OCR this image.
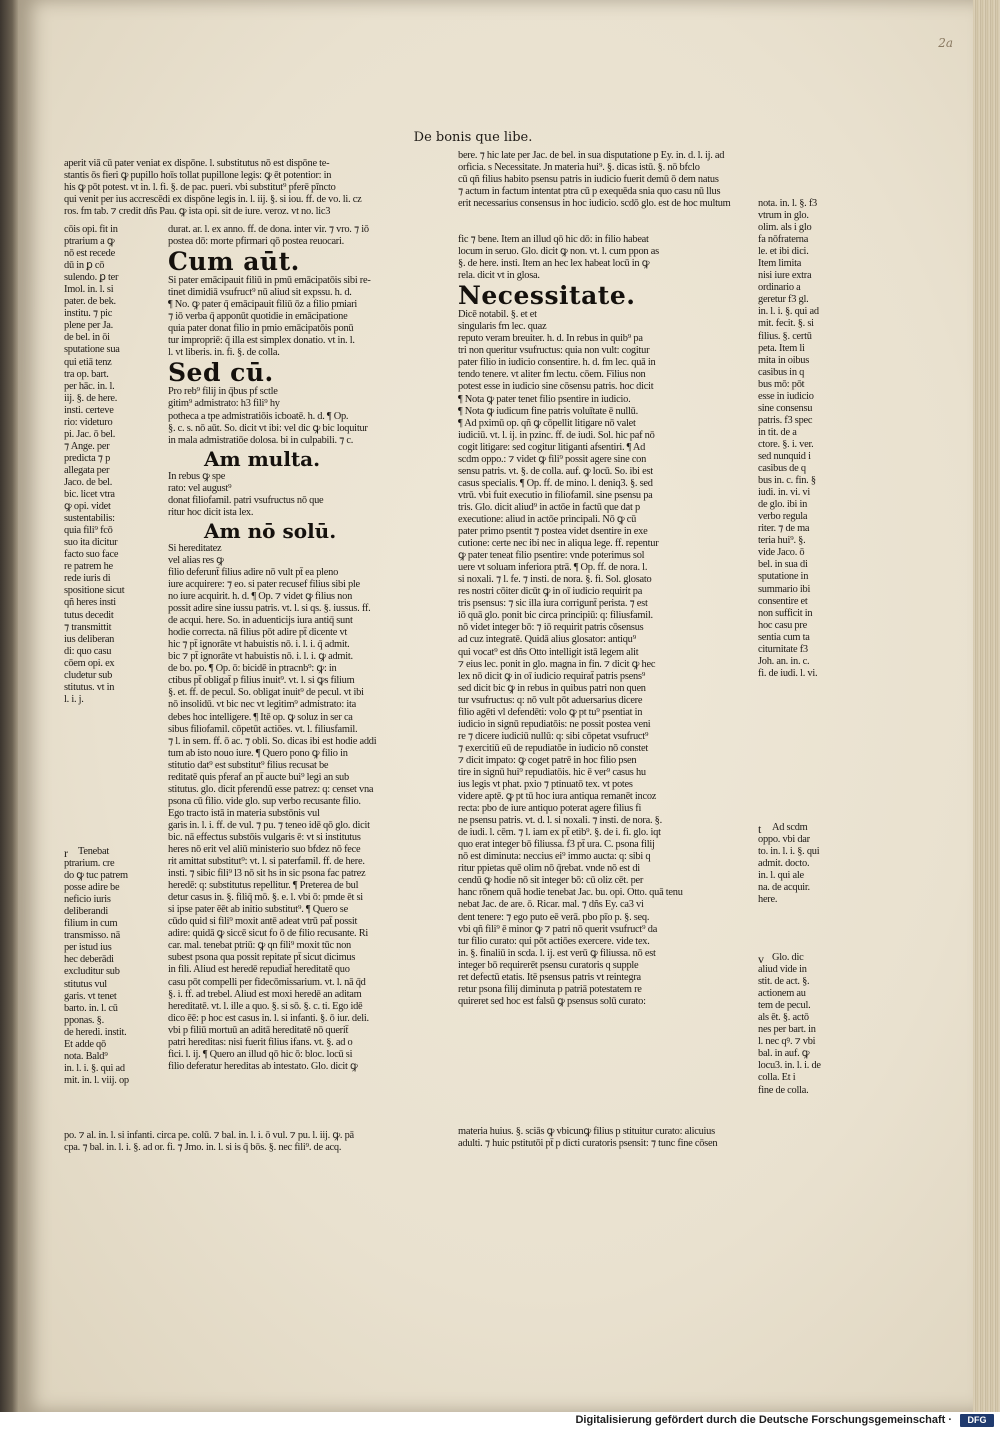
2a
De bonis que libe.

aperit viā cū pater veniat ex dispōne. l. substitutus nō est dispōne te-
stantis ōs fieri ꝙ pupillo hoīs tollat pupillone legis: ꝙ ēt potentior: in
his ꝙ pōt potest. vt in. l. fi. §. de pac. pueri. vbi substitut⁹ pferē pīncto
qui venit per ius accrescēdi ex dispōne legis in. l. iij. §. si iou. ff. de vo. li. cz
ros. fm tab. ⁊ credit dñs Pau. ꝙ ista opi. sit de iure. veroz. vt no. lic3

cōis opi. fit in
ptrarium a ꝙ
nō est recede
dū in ꝑ cō
sulendo. ꝑ ter
Imol. in. l. si
pater. de bek.
institu. ⁊ pic
plene per Ja.
de bel. in ōi
sputatione sua
qui etiā tenz
tra op. bart.
per hāc. in. l.
iij. §. de here.
insti. certeve
rio: videturo
pi. Jac. ō bel.
⁊ Ange. per
predicta ⁊ p
allegata per
Jaco. de bel.
bic. licet vtra
ꝙ opi. videt
sustentabilis:
quia fili⁹ fcō
suo ita dicitur
facto suo face
re patrem he
rede iuris di
spositione sicut
qñ heres insti
tutus decedit
⁊ transmittit
ius deliberan
di: quo casu
cōem opi. ex
cludetur sub
stitutus. vt in
l. i. j.

r Tenebat
ptrarium. cre
do ꝙ tuc patrem
posse adire be
neficio iuris
deliberandi
filium in cum
transmisso. nā
per istud ius
hec deberādi
excluditur sub
stitutus vul
garis. vt tenet
barto. in. l. cū
pponas. §.
de heredi. instit.
Et adde qō
nota. Bald⁹
in. l. i. §. qui ad
mit. in. l. viij. op

po. ⁊ al. in. l. si infanti. circa pe. colū. ⁊ bal. in. l. i. ō vul. ⁊ pu. l. iij. ꝙ. pā
cpa. ⁊ bal. in. l. i. §. ad or. fi. ⁊ Jmo. in. l. si is q̄ bōs. §. nec fili⁹. de acq.

durat. ar. l. ex anno. ff. de dona. inter vir. ⁊ vro. ⁊ iō
postea dō: morte pfirmari qō postea reuocari.

Cum aūt.

Si pater emācipauit filiū in pmū emācipatōis sibi re-
tinet dimidiā vsufruct⁹ nū aliud sit expssu. h. d.
¶ No. ꝙ pater q̄ emācipauit filiū ōz a filio pmiari
⁊ iō verba q̄ apponūt quotidie in emācipatione
quia pater donat filio in pmio emācipatōis ponū
tur impropriē: q̄ illa est simplex donatio. vt in. l.
l. vt liberis. in. fi. §. de colla.

Sed cū.

Pro reb⁹ filij in q̄bus pf sctle
gitim⁹ admistrato: h3 fili⁹ hy
potheca a tpe admistratiōis icboatē. h. d. ¶ Op.
§. c. s. nō aūt. So. dicit vt ibi: vel dic ꝙ bic loquitur
in mala admistratiōe dolosa. bi in culpabili. ⁊ c.

Am multa.

In rebus ꝙ spe
rato: vel august⁹
donat filiofamil. patri vsufructus nō que
ritur hoc dicit ista lex.

Am nō solū.

Si hereditatez
vel alias res ꝙ
filio deferunt̄ filius adire nō vult pt̄ ea pleno
iure acquirere: ⁊ eo. si pater recusef filius sibi ple
no iure acquirit. h. d. ¶ Op. ⁊ videt ꝙ filius non
possit adire sine iussu patris. vt. l. si qs. §. iussus. ff.
de acqui. here. So. in aduenticijs iura antiq̄ sunt
hodie correcta. nā filius pōt adire pt̄ dicente vt
hic ⁊ pt̄ ignorāte vt habuistis nō. i. l. i. q̄ admit.
bic ⁊ pt̄ ignorāte vt habuistis nō. i. l. i. ꝙ admit.
de bo. po. ¶ Op. ō: bicidē in ptracnb⁹: ꝙ: in
ctibus pt̄ obligat̄ p filius inuit⁹. vt. l. si ꝙs filium
§. et. ff. de pecul. So. obligat inuit⁹ de pecul. vt ibi
nō insolidū. vt bic nec vt legitim⁹ admistrato: ita
debes hoc intelligere. ¶ Itē op. ꝙ soluz in ser ca
sibus filiofamil. cōpetūt actiōes. vt. l. filiusfamil.
⁊ l. in sem. ff. ō ac. ⁊ obli. So. dicas ibi est hodie addi
tum ab isto nouo iure. ¶ Quero pono ꝙ filio in
stitutio dat⁹ est substitut⁹ filius recusat be
reditatē quis pferaf an pt̄ aucte bui⁹ legi an sub
stitutus. glo. dicit pferendū esse patrez: q: censet vna
psona cū filio. vide glo. sup verbo recusante filio.
Ego tracto istā in materia substōnis vul
garis in. l. i. ff. de vul. ⁊ pu. ⁊ teneo idē qō glo. dicit
bic. nā effectus substōis vulgaris ē: vt si institutus
heres nō erit vel aliū ministerio suo bfdez nō fece
rit amittat substitut⁹: vt. l. si paterfamil. ff. de here.
insti. ⁊ sibic fili⁹ l3 nō sit hs in sic psona fac patrez
heredē: q: substitutus repellitur. ¶ Preterea de bul
detur casus in. §. filiq̄ mō. §. e. l. vbi ō: pmde ēt si
si ipse pater ēēt ab initio substitut⁹. ¶ Quero se
cūdo quid si fili⁹ moxit antē adeat vtrū pat̄ possit
adire: quidā ꝙ siccē sicut fo ō de filio recusante. Ri
car. mal. tenebat ptriū: ꝙ qn fili⁹ moxit tūc non
subest psona qua possit repitate pt̄ sicut dicimus
in fili. Aliud est heredē repudiat̄ hereditatē quo
casu pōt compelli per fidecōmissarium. vt. l. nā q̄d
§. i. ff. ad trebel. Aliud est moxi heredē an aditam
hereditatē. vt. l. ille a quo. §. si sō. §. c. ti. Ego idē
dico ēē: p hoc est casus in. l. si infanti. §. ō iur. deli.
vbi p filiū mortuū an aditā hereditatē nō querit̄
patri hereditas: nisi fuerit filius ifans. vt. §. ad o
fici. l. ij. ¶ Quero an illud qō hic ō: bloc. locū si
filio deferatur hereditas ab intestato. Glo. dicit ꝙ

bere. ⁊ hic late per Jac. de bel. in sua disputatione p Ey. in. d. l. ij. ad
orficia. s Necessitate. Jn materia hui⁹. §. dicas istū. §. nō bfclo
cū qñ filius habito psensu patris in iudicio fuerit demū ō dem natus
⁊ actum in factum intentat ptra cū p exequēda snia quo casu nū llus
erit necessarius consensus in hoc iudicio. scdō glo. est de hoc multum

fic ⁊ bene. Item an illud qō hic dō: in filio habeat
locum in seruo. Glo. dicit ꝙ non. vt. l. cum ppon as
§. de here. insti. Item an hec lex habeat locū in ꝙ
rela. dicit vt in glosa.

Necessitate.

Dicē notabil. §. et et
singularis fm lec. quaz
reputo veram breuiter. h. d. In rebus in quib⁹ pa
tri non queritur vsufructus: quia non vult: cogitur
pater filio in iudicio consentire. h. d. fm lec. quā in
tendo tenere. vt aliter fm lectu. cōem. Filius non
potest esse in iudicio sine cōsensu patris. hoc dicit
¶ Nota ꝙ pater tenet filio psentire in iudicio.
¶ Nota ꝙ iudicum fine patris voluītate ē nullū.
¶ Ad pximū op. qñ ꝙ cōpellit litigare nō valet
iudiciū. vt. l. ij. in pzinc. ff. de iudi. Sol. hic paf nō
cogit litigare: sed cogitur litiganti afsentiri. ¶ Ad
scdm oppo.: ⁊ videt ꝙ fili⁹ possit agere sine con
sensu patris. vt. §. de colla. auf. ꝙ locū. So. ibi est
casus specialis. ¶ Op. ff. de mino. l. deniq3. §. sed
vtrū. vbi fuit executio in filiofamil. sine psensu pa
tris. Glo. dicit aliud⁹ in actōe in factū que dat p
executione: aliud in actōe principali. Nō ꝙ cū
pater primo psentit ⁊ postea videt dsentire in exe
cutione: certe nec ibi nec in aliqua lege. ff. repentur
ꝙ pater teneat filio psentire: vnde poterimus sol
uere vt soluam inferiora ptrā. ¶ Op. ff. de nora. l.
si noxali. ⁊ l. fe. ⁊ insti. de nora. §. fi. Sol. glosato
res nostri cōiter dicūt ꝙ in oī iudicio requirit pa
tris psensus: ⁊ sic illa iura corrigunt̄ perista. ⁊ est
iō quā glo. ponit bic circa principiū: q: filiusfamil.
nō videt integer bō: ⁊ iō requirit patris cōsensus
ad cuz integratē. Quidā alius glosator: antiqu⁹
qui vocat⁹ est dñs Otto intelligit istā legem alit
⁊ eius lec. ponit in glo. magna in fin. ⁊ dicit ꝙ hec
lex nō dicit ꝙ in oī iudicio requirat̄ patris psens⁹
sed dicit bic ꝙ in rebus in quibus patri non quen
tur vsufructus: q: nō vult pōt aduersarius dicere
filio agēti vl defendēti: volo ꝙ pt tu⁹ psentiat in
iudicio in signū repudiatōis: ne possit postea veni
re ⁊ dicere iudiciū nullū: q: sibi cōpetat vsufruct⁹
⁊ exercitiū eū de repudiatōe in iudicio nō constet
⁊ dicit impato: ꝙ coget patrē in hoc filio psen
tire in signū hui⁹ repudiatōis. hic ē ver⁹ casus hu
ius legis vt phat. pxio ⁊ ptinuatō tex. vt potes
videre aptē. ꝙ pt tū hoc iura antiqua remanēt incoz
recta: pbo de iure antiquo poterat agere filius fi
ne psensu patris. vt. d. l. si noxali. ⁊ insti. de nora. §.
de iudi. l. cēm. ⁊ l. iam ex pt̄ etib⁹. §. de i. fi. glo. iqt
quo erat integer bō filiussa. f3 pt̄ ura. C. psona filij
nō est diminuta: neccius ei⁹ immo aucta: q: sibi q
ritur ppietas quē olim nō q̄rebat. vnde nō est di
cendū ꝙ hodie nō sit integer bō: cū oliz cēt. per
hanc rōnem quā hodie tenebat Jac. bu. opi. Otto. quā tenu
nebat Jac. de are. ō. Ricar. mal. ⁊ dñs Ey. ca3 vi
dent tenere: ⁊ ego puto eē verā. pbo pīo p. §. seq.
vbi qñ fili⁹ ē minor ꝙ ⁊ patri nō querit vsufruct⁹ da
tur filio curato: qui pōt actiōes exercere. vide tex.
in. §. finaliū in scda. l. ij. est verū ꝙ filiussa. nō est
integer bō requirerēt psensu curatoris q supple
ret defectū etatis. Itē psensus patris vt reintegra
retur psona filij diminuta p patriā potestatem re
quireret sed hoc est falsū ꝙ psensus solū curato:

materia huius. §. sciās ꝙ vbicunꝙ filius p stituitur curato: alicuius
adulti. ⁊ huic pstitutōi pt̄ p dicti curatoris psensit: ⁊ tunc fine cōsen

nota. in. l. §. f3
vtrum in glo.
olim. als i glo
fa nōfraterna
le. et ibi dici.
Item limita
nisi iure extra
ordinario a
geretur f3 gl.
in. l. i. §. qui ad
mit. fecit. §. si
filius. §. certū
peta. Item li
mita in oibus
casibus in q
bus mō: pōt
esse in iudicio
sine consensu
patris. f3 spec
in tit. de a
ctore. §. i. ver.
sed nunquid i
casibus de q
bus in. c. fin. §
iudi. in. vi. vi
de glo. ibi in
verbo regula
riter. ⁊ de ma
teria hui⁹. §.
vide Jaco. ō
bel. in sua di
sputatione in
summario ibi
consentire et
non sufficit in
hoc casu pre
sentia cum ta
citurnitate f3
Joh. an. in. c.
fi. de iudi. l. vi.

t	Ad scdm
oppo. vbi dar
to. in. l. i. §. qui
admit. docto.
in. l. qui ale
na. de acquir.
here.

v Glo. dic
aliud vide in
stit. de act. §.
actionem au
tem de pecul.
als ēt. §. actō
nes per bart. in
l. nec qꝰ. ⁊ vbi
bal. in auf. ꝙ
locu3. in. l. i. de
colla. Et i
fine de colla.

Digitalisierung gefördert durch die Deutsche Forschungsgemeinschaft ·	DFG
